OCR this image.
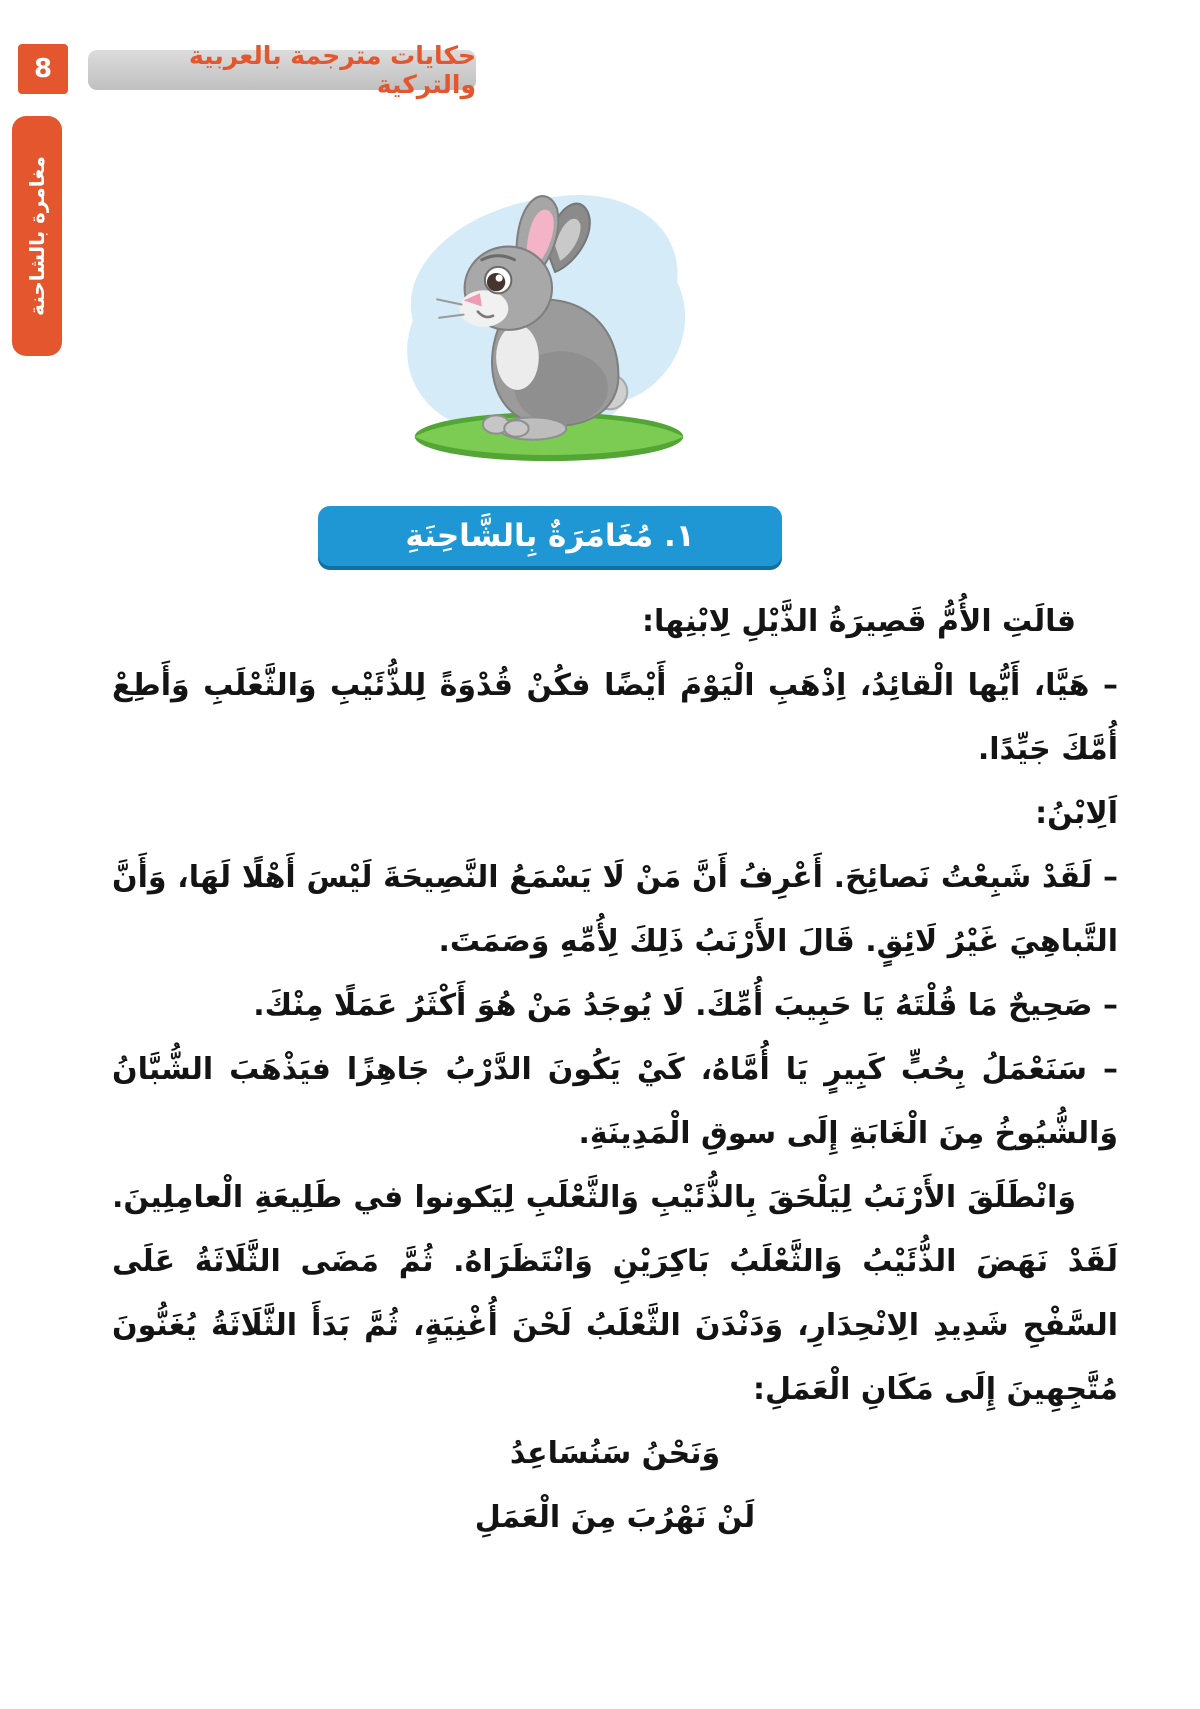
8	حكايات مترجمة بالعربية والتركية
مغامرة بالشاحنة
١. مُغَامَرَةٌ بِالشَّاحِنَةِ

قالَتِ الأُمُّ قَصِيرَةُ الذَّيْلِ لِابْنِها:

– هَيَّا، أَيُّها الْقائِدُ، اِذْهَبِ الْيَوْمَ أَيْضًا فكُنْ قُدْوَةً لِلذُّئَيْبِ وَالثَّعْلَبِ وَأَطِعْ أُمَّكَ جَيِّدًا.

اَلِابْنُ:

– لَقَدْ شَبِعْتُ نَصائِحَ. أَعْرِفُ أَنَّ مَنْ لَا يَسْمَعُ النَّصِيحَةَ لَيْسَ أَهْلًا لَهَا، وَأَنَّ التَّباهِيَ غَيْرُ لَائِقٍ. قَالَ الأَرْنَبُ ذَلِكَ لِأُمِّهِ وَصَمَتَ.

– صَحِيحٌ مَا قُلْتَهُ يَا حَبِيبَ أُمِّكَ. لَا يُوجَدُ مَنْ هُوَ أَكْثَرُ عَمَلًا مِنْكَ.

– سَنَعْمَلُ بِحُبٍّ كَبِيرٍ يَا أُمَّاهُ، كَيْ يَكُونَ الدَّرْبُ جَاهِزًا فيَذْهَبَ الشُّبَّانُ وَالشُّيُوخُ مِنَ الْغَابَةِ إِلَى سوقِ الْمَدِينَةِ.

وَانْطَلَقَ الأَرْنَبُ لِيَلْحَقَ بِالذُّئَيْبِ وَالثَّعْلَبِ لِيَكونوا في طَلِيعَةِ الْعامِلِينَ. لَقَدْ نَهَضَ الذُّئَيْبُ وَالثَّعْلَبُ بَاكِرَيْنِ وَانْتَظَرَاهُ. ثُمَّ مَضَى الثَّلَاثَةُ عَلَى السَّفْحِ شَدِيدِ الِانْحِدَارِ، وَدَنْدَنَ الثَّعْلَبُ لَحْنَ أُغْنِيَةٍ، ثُمَّ بَدَأَ الثَّلَاثَةُ يُغَنُّونَ مُتَّجِهِينَ إِلَى مَكَانِ الْعَمَلِ:

وَنَحْنُ سَنُسَاعِدُ

لَنْ نَهْرُبَ مِنَ الْعَمَلِ
